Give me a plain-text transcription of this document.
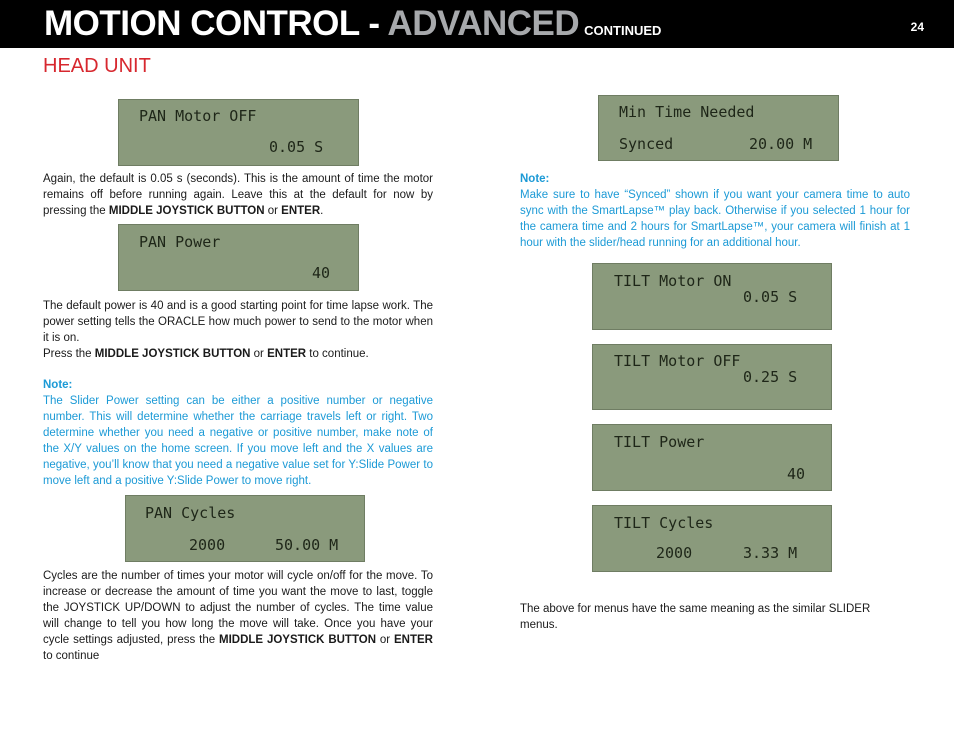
MOTION CONTROL - ADVANCED CONTINUED	24
HEAD UNIT
PAN Motor OFF
0.05 S

Again, the default is 0.05 s (seconds). This is the amount of time the motor remains off before running again. Leave this at the default for now by pressing the MIDDLE JOYSTICK BUTTON or ENTER.

PAN Power
40

The default power is 40 and is a good starting point for time lapse work. The power setting tells the ORACLE how much power to send to the motor when it is on.
Press the MIDDLE JOYSTICK BUTTON or ENTER to continue.

Note:
The Slider Power setting can be either a positive number or negative number. This will determine whether the carriage travels left or right. Two determine whether you need a negative or positive number, make note of the X/Y values on the home screen. If you move left and the X values are negative, you’ll know that you need a negative value set for Y:Slide Power to move left and a positive Y:Slide Power to move right.

PAN Cycles
2000	50.00 M

Cycles are the number of times your motor will cycle on/off for the move. To increase or decrease the amount of time you want the move to last, toggle the JOYSTICK UP/DOWN to adjust the number of cycles. The time value will change to tell you how long the move will take. Once you have your cycle settings adjusted, press the MIDDLE JOYSTICK BUTTON or ENTER to continue

Min Time Needed
Synced	20.00 M

Note:
Make sure to have “Synced” shown if you want your camera time to auto sync with the SmartLapse™ play back. Otherwise if you selected 1 hour for the camera time and 2 hours for SmartLapse™, your camera will finish at 1 hour with the slider/head running for an additional hour.

TILT Motor ON
0.05 S
TILT Motor OFF
0.25 S
TILT Power
40
TILT Cycles
2000	3.33 M

The above for menus have the same meaning as the similar SLIDER menus.
